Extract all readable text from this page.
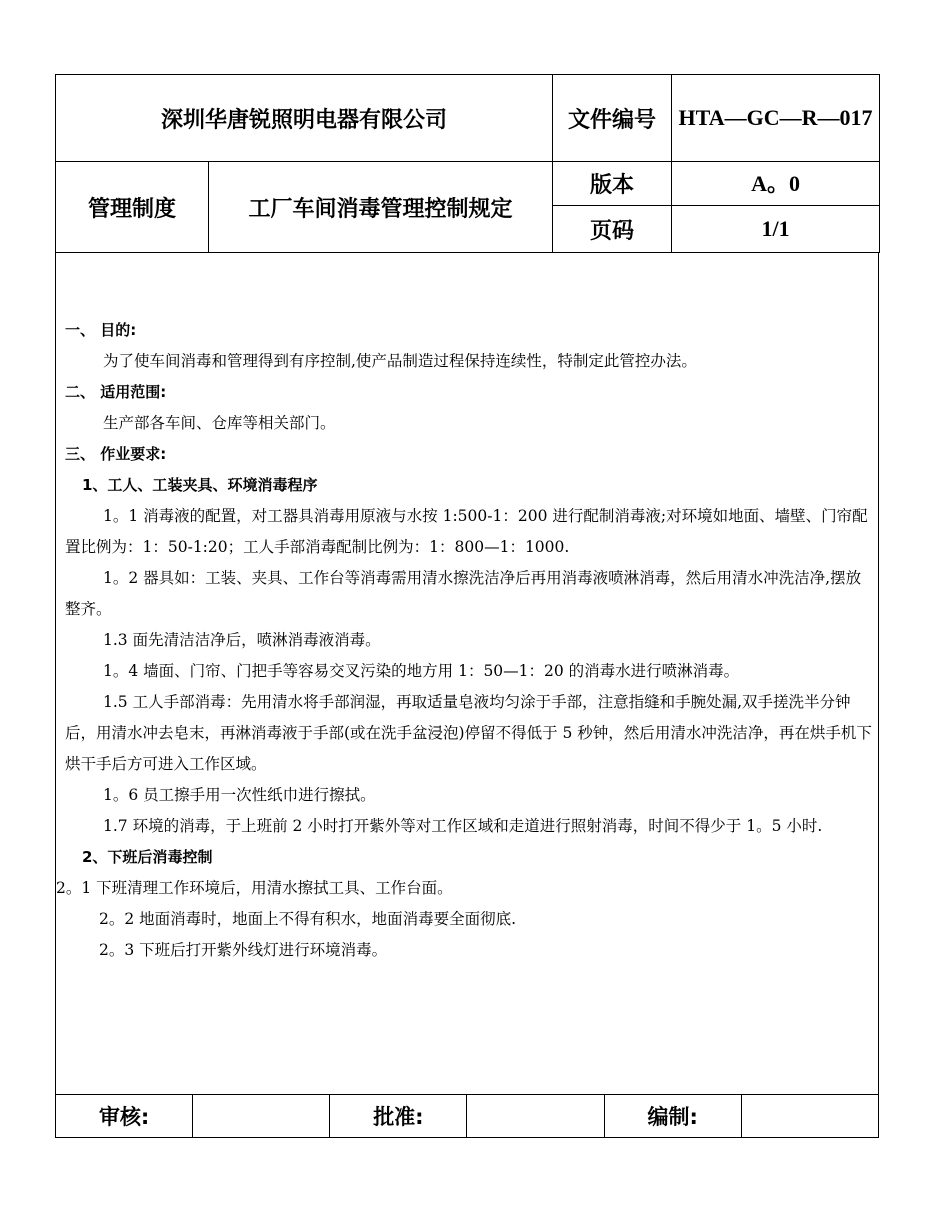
深圳华唐锐照明电器有限公司		文件编号	HTA—GC—R—017
管理制度	工厂车间消毒管理控制规定	版本	A。0
		页码	1/1

一、 目的:

为了使车间消毒和管理得到有序控制,使产品制造过程保持连续性，特制定此管控办法。

二、 适用范围:

生产部各车间、仓库等相关部门。

三、 作业要求:

1、工人、工装夹具、环境消毒程序

1。1 消毒液的配置，对工器具消毒用原液与水按 1:500-1：200 进行配制消毒液;对环境如地面、墙壁、门帘配置比例为：1：50-1:20；工人手部消毒配制比例为：1：800—1：1000.

1。2 器具如：工装、夹具、工作台等消毒需用清水擦洗洁净后再用消毒液喷淋消毒，然后用清水冲洗洁净,摆放整齐。

1.3 面先清洁洁净后，喷淋消毒液消毒。

1。4 墙面、门帘、门把手等容易交叉污染的地方用 1：50—1：20 的消毒水进行喷淋消毒。

1.5 工人手部消毒：先用清水将手部润湿，再取适量皂液均匀涂于手部，注意指缝和手腕处漏,双手搓洗半分钟后，用清水冲去皂末，再淋消毒液于手部(或在洗手盆浸泡)停留不得低于 5 秒钟，然后用清水冲洗洁净，再在烘手机下烘干手后方可进入工作区域。

1。6 员工擦手用一次性纸巾进行擦拭。

1.7 环境的消毒，于上班前 2 小时打开紫外等对工作区域和走道进行照射消毒，时间不得少于 1。5 小时.

2、下班后消毒控制

2。1 下班清理工作环境后，用清水擦拭工具、工作台面。

2。2 地面消毒时，地面上不得有积水，地面消毒要全面彻底.

2。3 下班后打开紫外线灯进行环境消毒。

审核:		批准:		编制:	
